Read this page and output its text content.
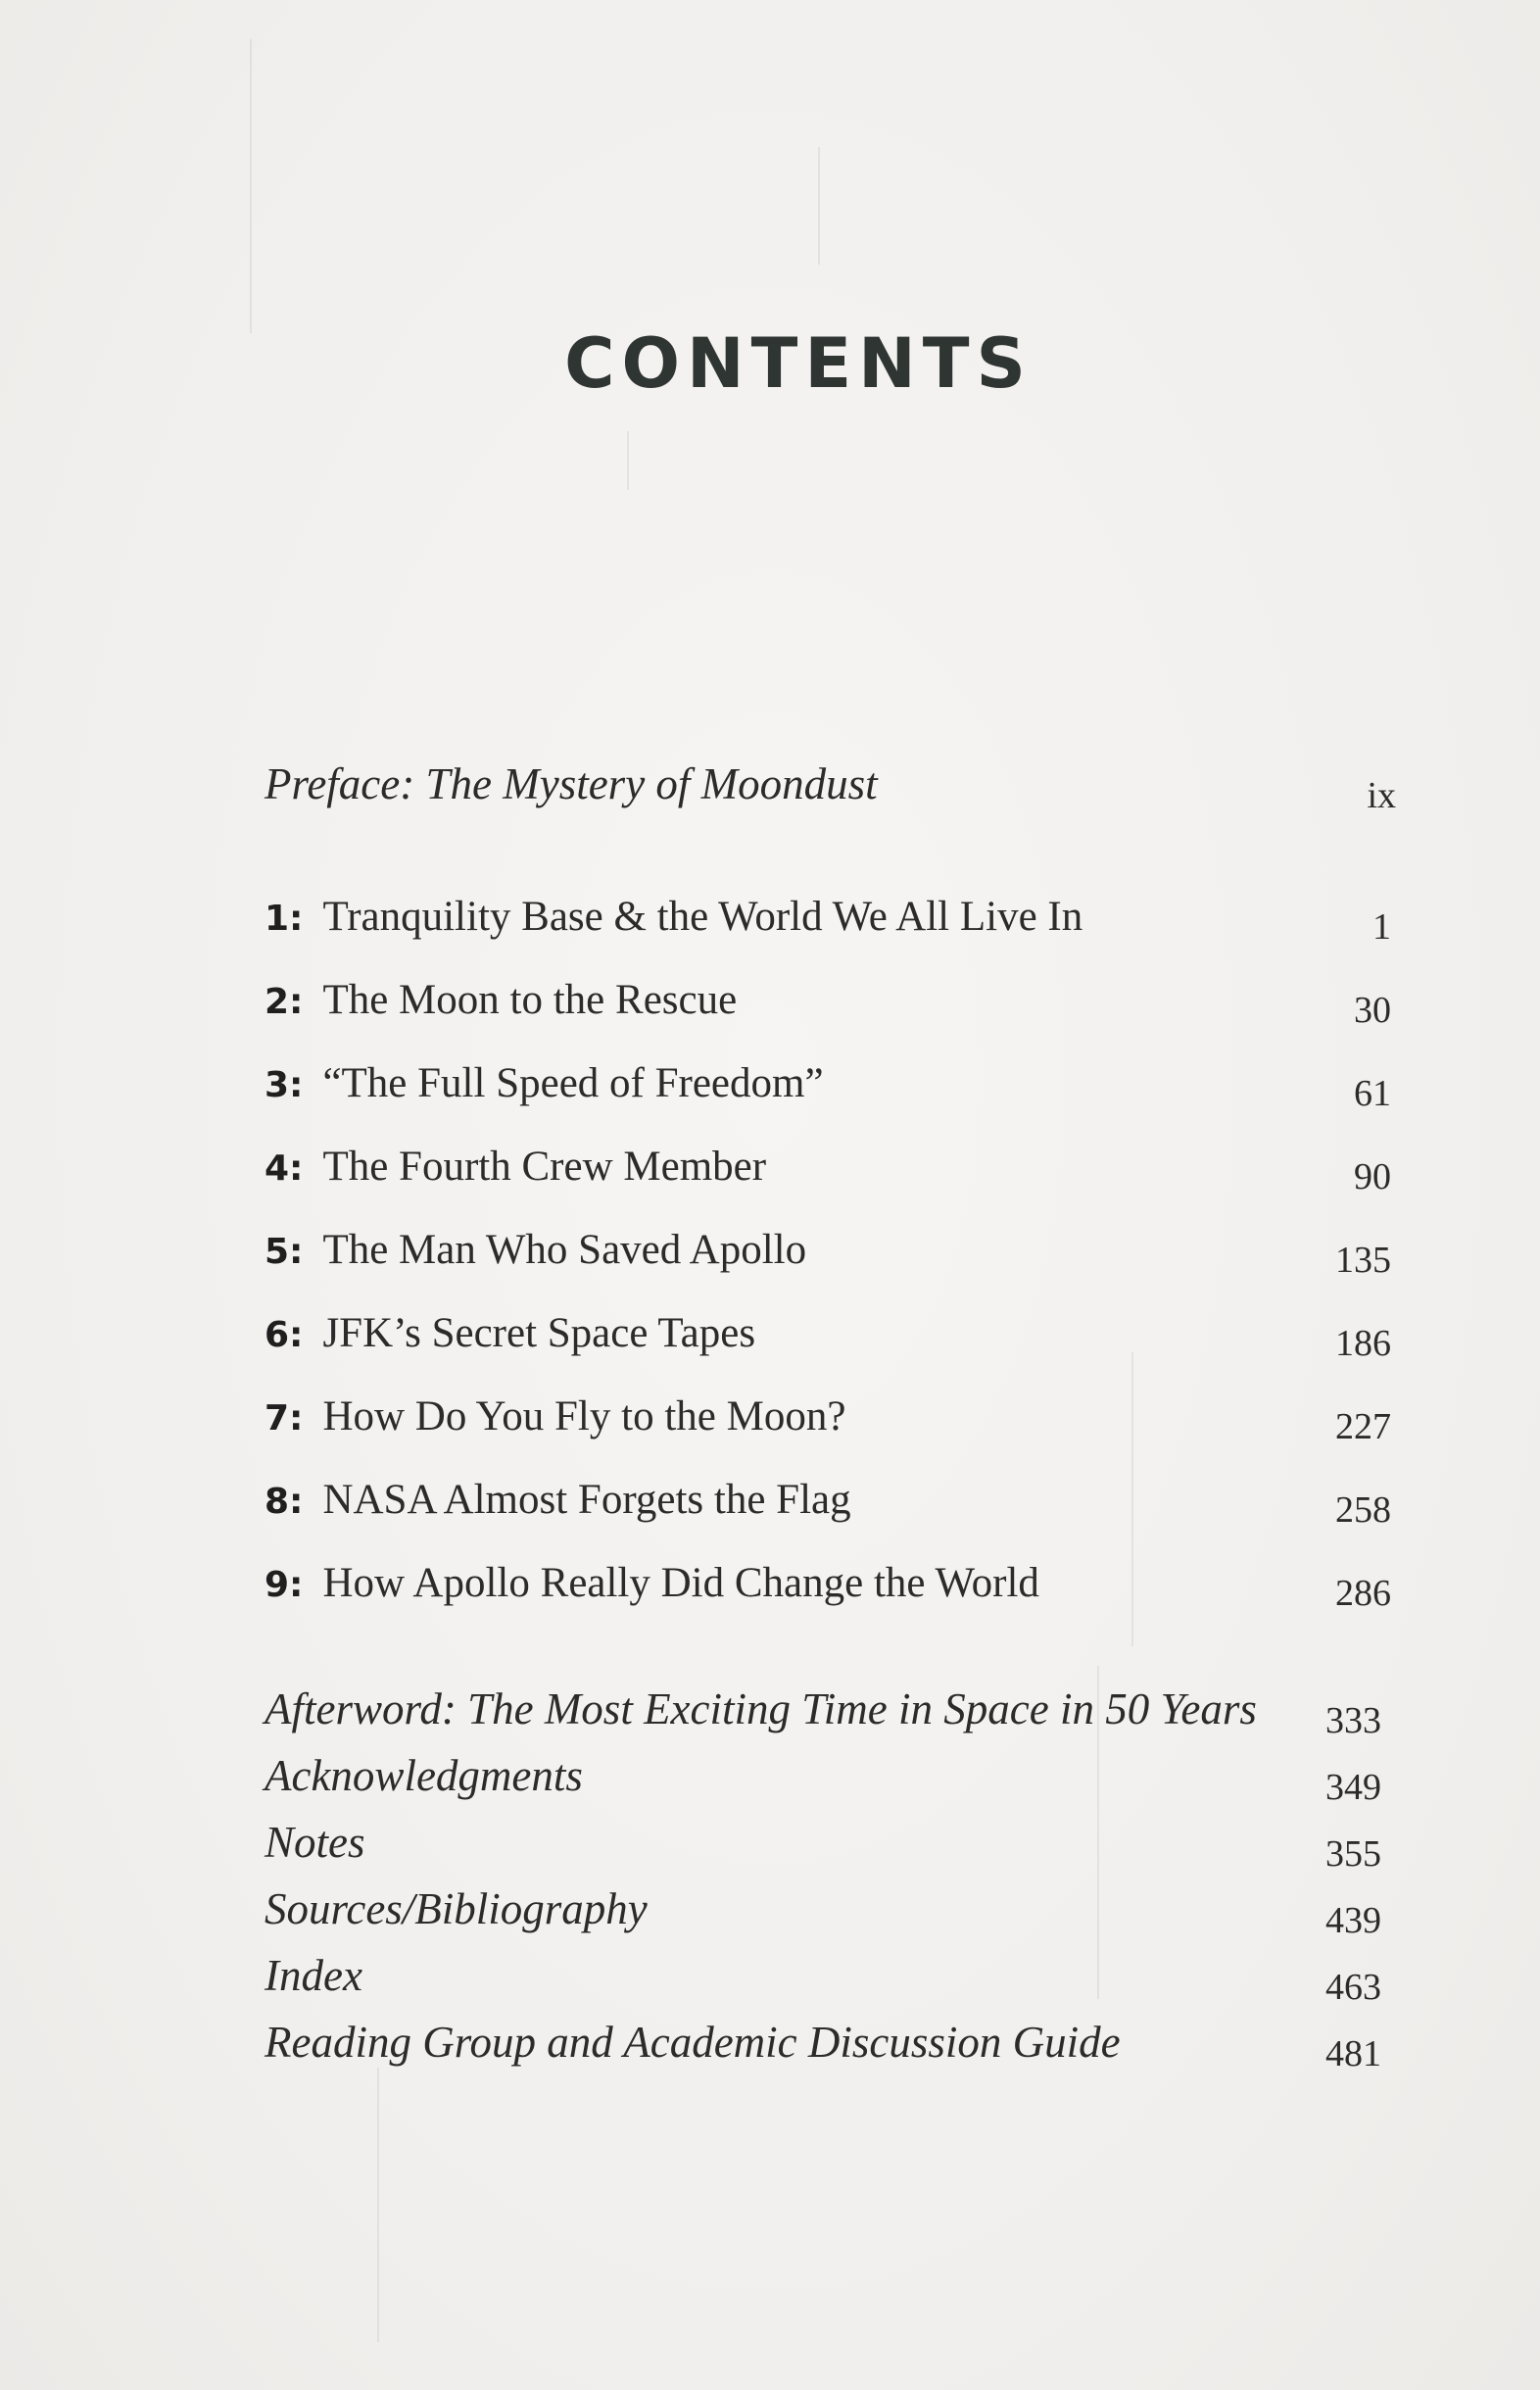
CONTENTS
Preface: The Mystery of Moondust	ix
1: Tranquility Base & the World We All Live In	1
2: The Moon to the Rescue	30
3: “The Full Speed of Freedom”	61
4: The Fourth Crew Member	90
5: The Man Who Saved Apollo	135
6: JFK’s Secret Space Tapes	186
7: How Do You Fly to the Moon?	227
8: NASA Almost Forgets the Flag	258
9: How Apollo Really Did Change the World	286
Afterword: The Most Exciting Time in Space in 50 Years 333
Acknowledgments	349
Notes	355
Sources/Bibliography	439
Index	463
Reading Group and Academic Discussion Guide	481
